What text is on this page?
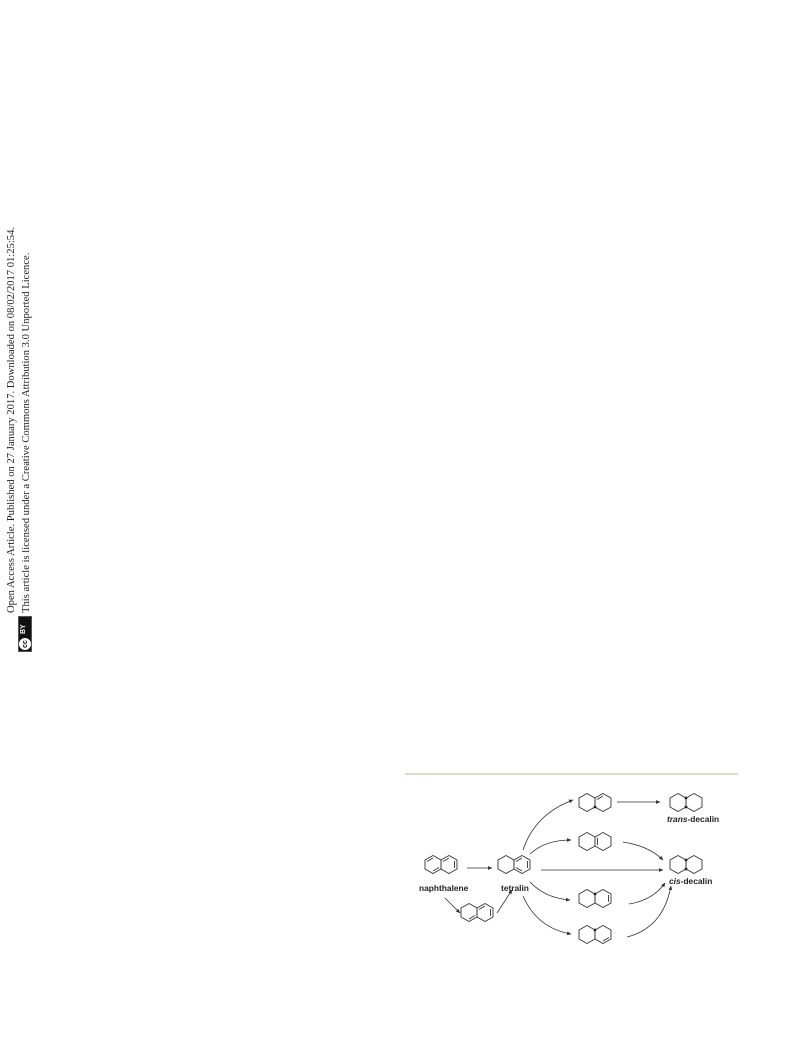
cc
BY
Open Access Article. Published on 27 January 2017. Downloaded on 08/02/2017 01:25:54. This article is licensed under a Creative Commons Attribution 3.0 Unported Licence.
naphthalene	tetralin
trans-decalin
cis-decalin
